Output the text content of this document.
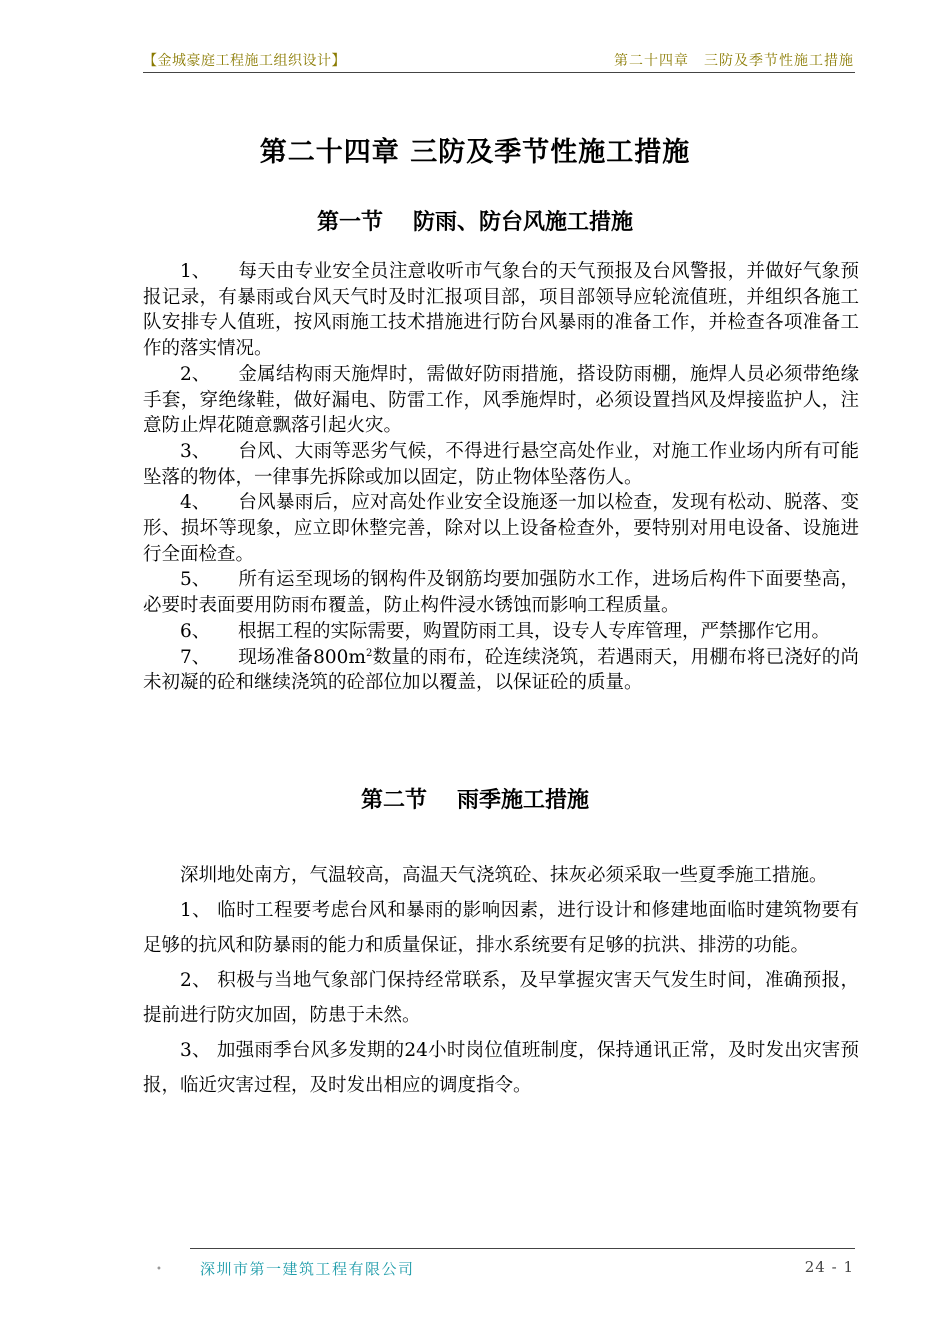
【金城豪庭工程施工组织设计】	第二十四章　三防及季节性施工措施
第二十四章 三防及季节性施工措施
第一节 防雨、防台风施工措施

1、 每天由专业安全员注意收听市气象台的天气预报及台风警报，并做好气象预报记录，有暴雨或台风天气时及时汇报项目部，项目部领导应轮流值班，并组织各施工队安排专人值班，按风雨施工技术措施进行防台风暴雨的准备工作，并检查各项准备工作的落实情况。

2、 金属结构雨天施焊时，需做好防雨措施，搭设防雨棚，施焊人员必须带绝缘手套，穿绝缘鞋，做好漏电、防雷工作，风季施焊时，必须设置挡风及焊接监护人，注意防止焊花随意飘落引起火灾。

3、 台风、大雨等恶劣气候，不得进行悬空高处作业，对施工作业场内所有可能坠落的物体，一律事先拆除或加以固定，防止物体坠落伤人。

4、 台风暴雨后，应对高处作业安全设施逐一加以检查，发现有松动、脱落、变形、损坏等现象，应立即休整完善，除对以上设备检查外，要特别对用电设备、设施进行全面检查。

5、 所有运至现场的钢构件及钢筋均要加强防水工作，进场后构件下面要垫高，必要时表面要用防雨布覆盖，防止构件浸水锈蚀而影响工程质量。

6、 根据工程的实际需要，购置防雨工具，设专人专库管理，严禁挪作它用。

7、 现场准备$800m^2$数量的雨布，砼连续浇筑，若遇雨天，用棚布将已浇好的尚未初凝的砼和继续浇筑的砼部位加以覆盖，以保证砼的质量。

第二节 雨季施工措施

深圳地处南方，气温较高，高温天气浇筑砼、抹灰必须采取一些夏季施工措施。

1、 临时工程要考虑台风和暴雨的影响因素，进行设计和修建地面临时建筑物要有足够的抗风和防暴雨的能力和质量保证，排水系统要有足够的抗洪、排涝的功能。

2、 积极与当地气象部门保持经常联系，及早掌握灾害天气发生时间，准确预报，提前进行防灾加固，防患于未然。

3、 加强雨季台风多发期的24小时岗位值班制度，保持通讯正常，及时发出灾害预报，临近灾害过程，及时发出相应的调度指令。

•	深圳市第一建筑工程有限公司	24 - 1
